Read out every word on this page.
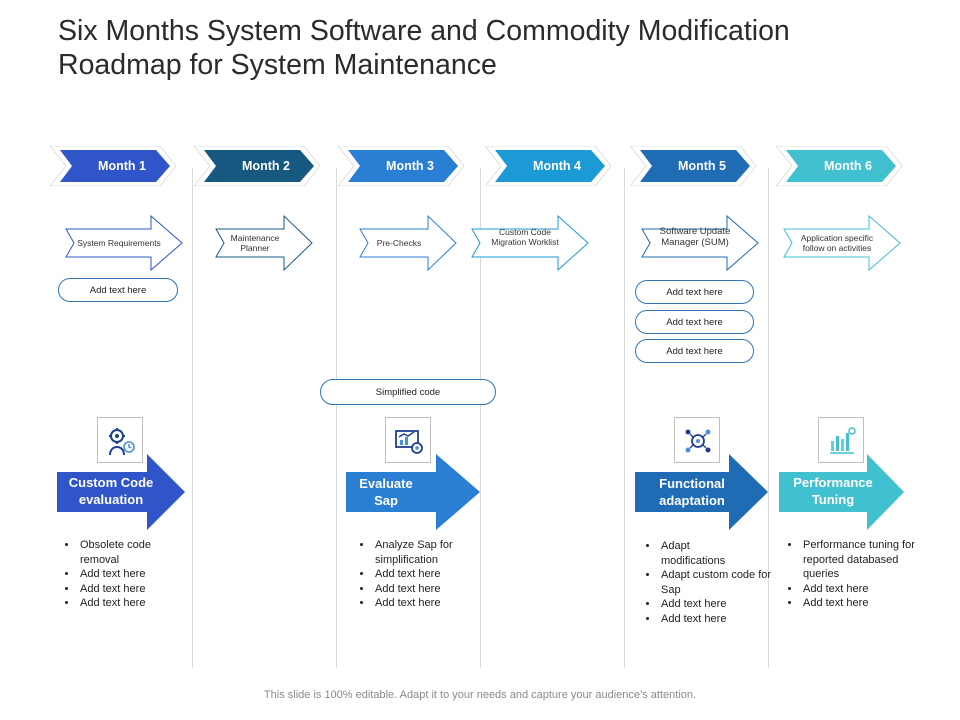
Six Months System Software and Commodity Modification
Roadmap for System Maintenance
Month 1	Month 2	Month 3	Month 4	Month 5	Month 6
System Requirements	Maintenance Planner	Pre-Checks
Custom Code Migration Worklist
Software Update Manager (SUM)	Application specific follow on activities
Add text here	Add text here
Add text here
Add text here
Simplified code
Custom Code evaluation
Evaluate Sap
Functional adaptation
Performance Tuning
• Obsolete code removal
• Add text here
• Add text here
• Add text here
• Analyze Sap for simplification
• Add text here
• Add text here
• Add text here
• Adapt modifications
• Adapt custom code for Sap
• Add text here
• Add text here
• Performance tuning for reported databased queries
• Add text here
• Add text here
This slide is 100% editable. Adapt it to your needs and capture your audience’s attention.
